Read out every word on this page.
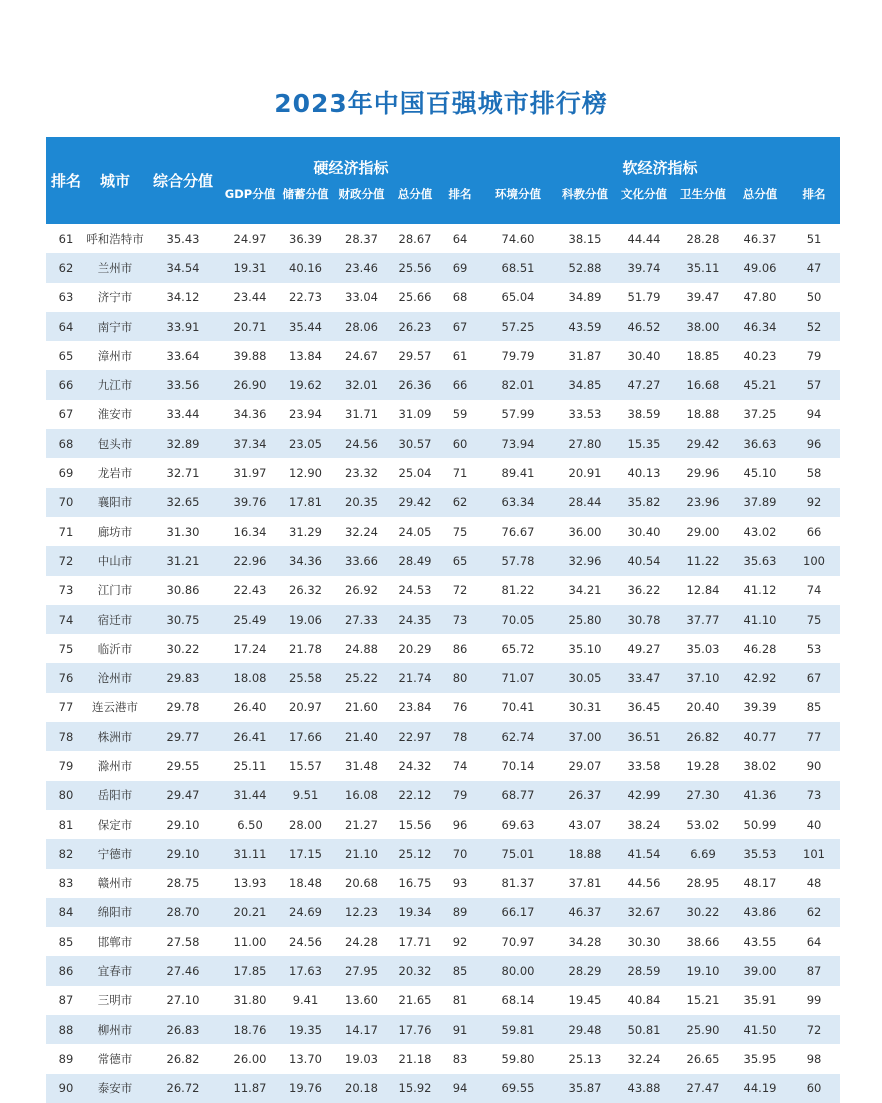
2023年中国百强城市排行榜
排名	城市	综合分值	硬经济指标					软经济指标					
			GDP分值	储蓄分值	财政分值	总分值	排名	环境分值	科教分值	文化分值	卫生分值	总分值	排名
61	呼和浩特市	35.43	24.97	36.39	28.37	28.67	64	74.60	38.15	44.44	28.28	46.37	51
62	兰州市	34.54	19.31	40.16	23.46	25.56	69	68.51	52.88	39.74	35.11	49.06	47
63	济宁市	34.12	23.44	22.73	33.04	25.66	68	65.04	34.89	51.79	39.47	47.80	50
64	南宁市	33.91	20.71	35.44	28.06	26.23	67	57.25	43.59	46.52	38.00	46.34	52
65	漳州市	33.64	39.88	13.84	24.67	29.57	61	79.79	31.87	30.40	18.85	40.23	79
66	九江市	33.56	26.90	19.62	32.01	26.36	66	82.01	34.85	47.27	16.68	45.21	57
67	淮安市	33.44	34.36	23.94	31.71	31.09	59	57.99	33.53	38.59	18.88	37.25	94
68	包头市	32.89	37.34	23.05	24.56	30.57	60	73.94	27.80	15.35	29.42	36.63	96
69	龙岩市	32.71	31.97	12.90	23.32	25.04	71	89.41	20.91	40.13	29.96	45.10	58
70	襄阳市	32.65	39.76	17.81	20.35	29.42	62	63.34	28.44	35.82	23.96	37.89	92
71	廊坊市	31.30	16.34	31.29	32.24	24.05	75	76.67	36.00	30.40	29.00	43.02	66
72	中山市	31.21	22.96	34.36	33.66	28.49	65	57.78	32.96	40.54	11.22	35.63	100
73	江门市	30.86	22.43	26.32	26.92	24.53	72	81.22	34.21	36.22	12.84	41.12	74
74	宿迁市	30.75	25.49	19.06	27.33	24.35	73	70.05	25.80	30.78	37.77	41.10	75
75	临沂市	30.22	17.24	21.78	24.88	20.29	86	65.72	35.10	49.27	35.03	46.28	53
76	沧州市	29.83	18.08	25.58	25.22	21.74	80	71.07	30.05	33.47	37.10	42.92	67
77	连云港市	29.78	26.40	20.97	21.60	23.84	76	70.41	30.31	36.45	20.40	39.39	85
78	株洲市	29.77	26.41	17.66	21.40	22.97	78	62.74	37.00	36.51	26.82	40.77	77
79	滁州市	29.55	25.11	15.57	31.48	24.32	74	70.14	29.07	33.58	19.28	38.02	90
80	岳阳市	29.47	31.44	9.51	16.08	22.12	79	68.77	26.37	42.99	27.30	41.36	73
81	保定市	29.10	6.50	28.00	21.27	15.56	96	69.63	43.07	38.24	53.02	50.99	40
82	宁德市	29.10	31.11	17.15	21.10	25.12	70	75.01	18.88	41.54	6.69	35.53	101
83	赣州市	28.75	13.93	18.48	20.68	16.75	93	81.37	37.81	44.56	28.95	48.17	48
84	绵阳市	28.70	20.21	24.69	12.23	19.34	89	66.17	46.37	32.67	30.22	43.86	62
85	邯郸市	27.58	11.00	24.56	24.28	17.71	92	70.97	34.28	30.30	38.66	43.55	64
86	宜春市	27.46	17.85	17.63	27.95	20.32	85	80.00	28.29	28.59	19.10	39.00	87
87	三明市	27.10	31.80	9.41	13.60	21.65	81	68.14	19.45	40.84	15.21	35.91	99
88	柳州市	26.83	18.76	19.35	14.17	17.76	91	59.81	29.48	50.81	25.90	41.50	72
89	常德市	26.82	26.00	13.70	19.03	21.18	83	59.80	25.13	32.24	26.65	35.95	98
90	泰安市	26.72	11.87	19.76	20.18	15.92	94	69.55	35.87	43.88	27.47	44.19	60
